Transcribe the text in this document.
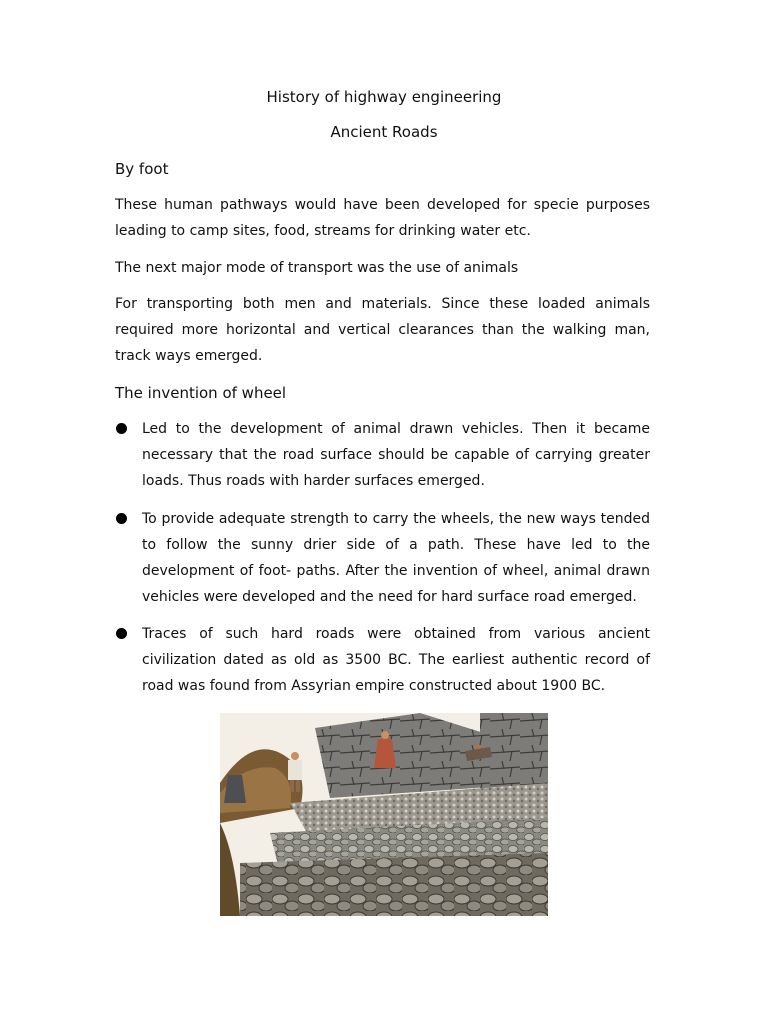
History of highway engineering
Ancient Roads
By foot

These human pathways would have been developed for specie purposes leading to camp sites, food, streams for drinking water etc.

The next major mode of transport was the use of animals

For transporting both men and materials. Since these loaded animals required more horizontal and vertical clearances than the walking man, track ways emerged.

The invention of wheel

Led to the development of animal drawn vehicles. Then it became necessary that the road surface should be capable of carrying greater loads. Thus roads with harder surfaces emerged.

To provide adequate strength to carry the wheels, the new ways tended to follow the sunny drier side of a path. These have led to the development of foot- paths. After the invention of wheel, animal drawn vehicles were developed and the need for hard surface road emerged.

Traces of such hard roads were obtained from various ancient civilization dated as old as 3500 BC. The earliest authentic record of road was found from Assyrian empire constructed about 1900 BC.
